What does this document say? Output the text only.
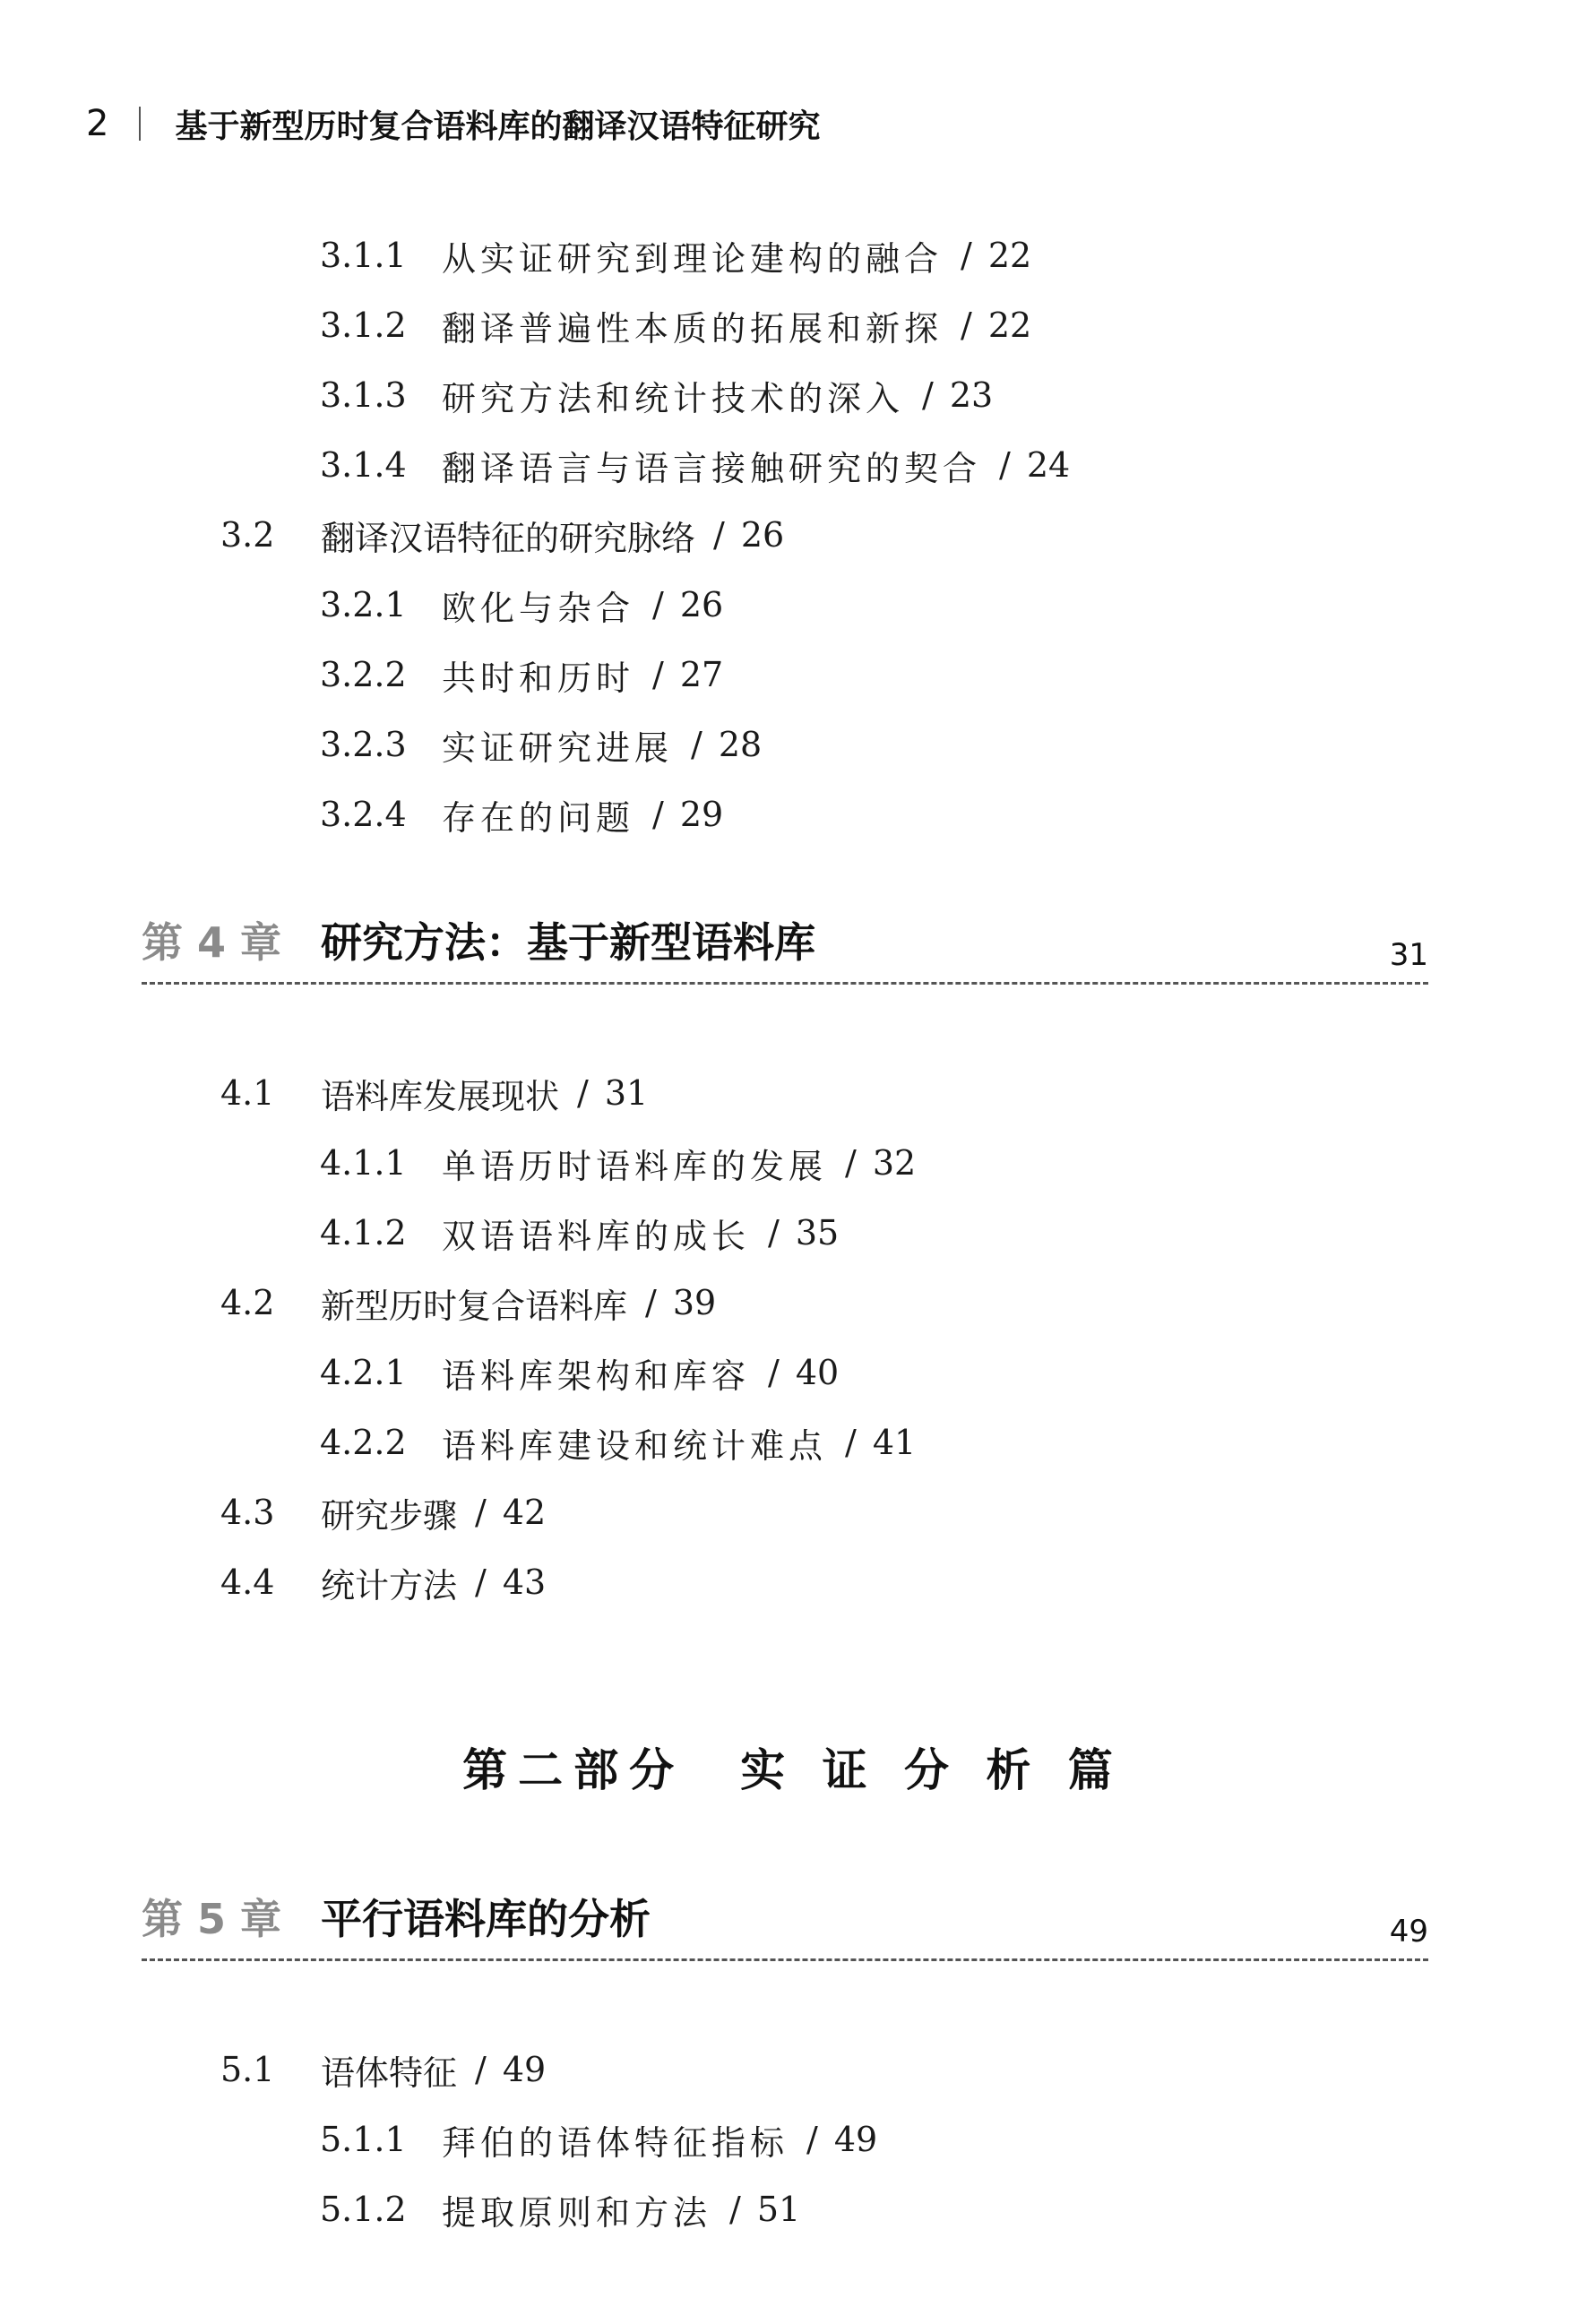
2 基于新型历时复合语料库的翻译汉语特征研究
3.1.1	从实证研究到理论建构的融合 / 22
3.1.2	翻译普遍性本质的拓展和新探 / 22
3.1.3	研究方法和统计技术的深入 / 23
3.1.4	翻译语言与语言接触研究的契合 / 24
3.2	翻译汉语特征的研究脉络 / 26
3.2.1	欧化与杂合 / 26
3.2.2	共时和历时 / 27
3.2.3	实证研究进展 / 28
3.2.4	存在的问题 / 29
第 4 章 研究方法：基于新型语料库	31
4.1	语料库发展现状 / 31
4.1.1	单语历时语料库的发展 / 32
4.1.2	双语语料库的成长 / 35
4.2	新型历时复合语料库 / 39
4.2.1	语料库架构和库容 / 40
4.2.2	语料库建设和统计难点 / 41
4.3	研究步骤 / 42
4.4	统计方法 / 43
第二部分　实 证 分 析 篇
第 5 章 平行语料库的分析	49
5.1	语体特征 / 49
5.1.1	拜伯的语体特征指标 / 49
5.1.2	提取原则和方法 / 51
